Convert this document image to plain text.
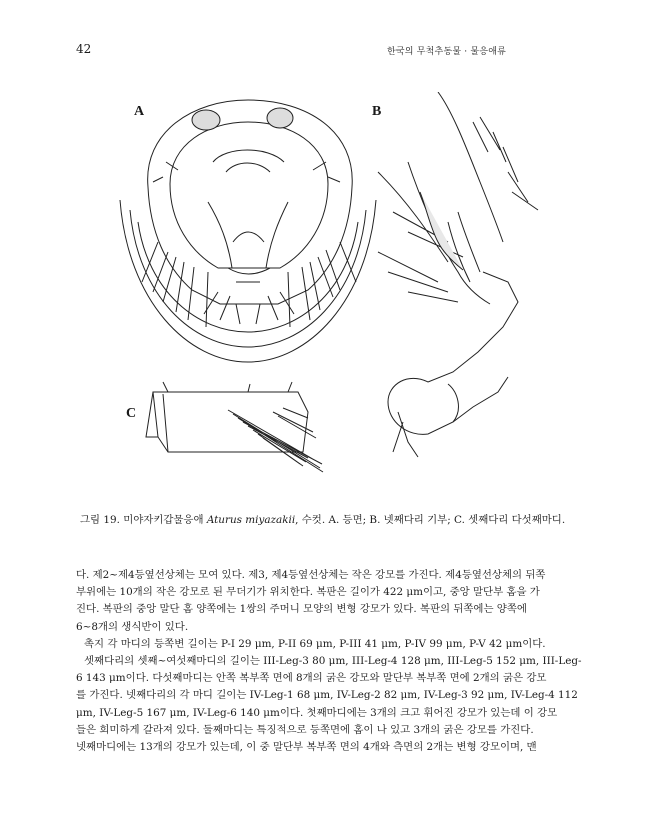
42	한국의 무척추동물 · 물응애류
A	B
C
그림 19. 미야자키갑물응애 Aturus miyazakii, 수컷. A. 등면; B. 넷째다리 기부; C. 셋째다리 다섯째마디.

다. 제2~제4등옆선상체는 모여 있다. 제3, 제4등옆선상체는 작은 강모를 가진다. 제4등옆선상체의 뒤쪽
부위에는 10개의 작은 강모로 된 무더기가 위치한다. 복판은 길이가 422 μm이고, 중앙 말단부 홈을 가
진다. 복판의 중앙 말단 홈 양쪽에는 1쌍의 주머니 모양의 변형 강모가 있다. 복판의 뒤쪽에는 양쪽에
6~8개의 생식반이 있다.

촉지 각 마디의 등쪽변 길이는 P-I 29 μm, P-II 69 μm, P-III 41 μm, P-IV 99 μm, P-V 42 μm이다.

셋째다리의 셋째~여섯째마디의 길이는 III-Leg-3 80 μm, III-Leg-4 128 μm, III-Leg-5 152 μm, III-Leg-
6 143 μm이다. 다섯째마디는 안쪽 복부쪽 면에 8개의 굵은 강모와 말단부 복부쪽 면에 2개의 굵은 강모
를 가진다. 넷째다리의 각 마디 길이는 IV-Leg-1 68 μm, IV-Leg-2 82 μm, IV-Leg-3 92 μm, IV-Leg-4 112
μm, IV-Leg-5 167 μm, IV-Leg-6 140 μm이다. 첫째마디에는 3개의 크고 휘어진 강모가 있는데 이 강모
들은 희미하게 갈라져 있다. 둘째마디는 특징적으로 등쪽면에 홈이 나 있고 3개의 굵은 강모를 가진다.
넷째마디에는 13개의 강모가 있는데, 이 중 말단부 복부쪽 면의 4개와 측면의 2개는 변형 강모이며, 맨
